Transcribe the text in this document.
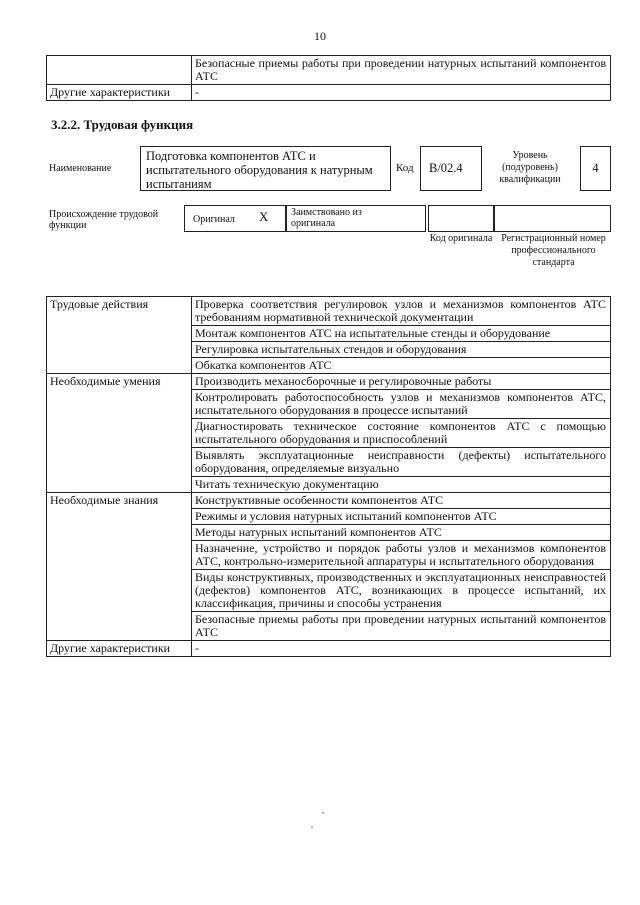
10
	Безопасные приемы работы при проведении натурных испытаний компонентов АТС
Другие характеристики	-
3.2.2. Трудовая функция
Наименование
Подготовка компонентов АТС и испытательного оборудования к натурным испытаниям
Код	B/02.4
Уровень (подуровень) квалификации
4
Происхождение трудовой функции
Оригинал X Заимствовано из оригинала
Код оригинала Регистрационный номер профессионального стандарта
Трудовые действия	Проверка соответствия регулировок узлов и механизмов компонентов АТС требованиям нормативной технической документации
	Монтаж компонентов АТС на испытательные стенды и оборудование
	Регулировка испытательных стендов и оборудования
	Обкатка компонентов АТС
Необходимые умения	Производить механосборочные и регулировочные работы
	Контролировать работоспособность узлов и механизмов компонентов АТС, испытательного оборудования в процессе испытаний
	Диагностировать техническое состояние компонентов АТС с помощью испытательного оборудования и приспособлений
	Выявлять эксплуатационные неисправности (дефекты) испытательного оборудования, определяемые визуально
	Читать техническую документацию
Необходимые знания	Конструктивные особенности компонентов АТС
	Режимы и условия натурных испытаний компонентов АТС
	Методы натурных испытаний компонентов АТС
	Назначение, устройство и порядок работы узлов и механизмов компонентов АТС, контрольно-измерительной аппаратуры и испытательного оборудования
	Виды конструктивных, производственных и эксплуатационных неисправностей (дефектов) компонентов АТС, возникающих в процессе испытаний, их классификация, причины и способы устранения
	Безопасные приемы работы при проведении натурных испытаний компонентов АТС
Другие характеристики	-
